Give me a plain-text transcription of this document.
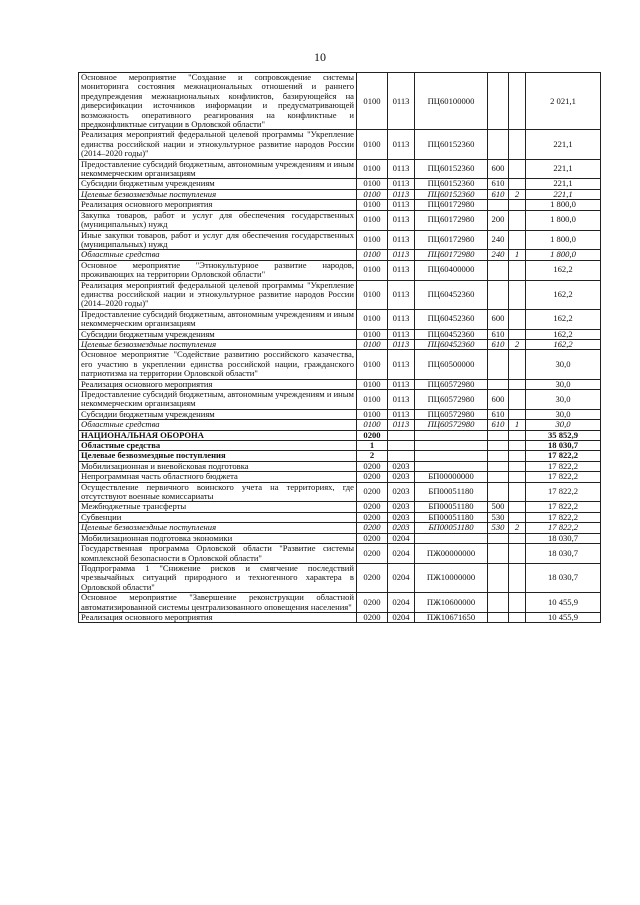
10
Основное мероприятие "Создание и сопровождение системы мониторинга состояния межнациональных отношений и раннего предупреждения межнациональных конфликтов, базирующейся на диверсификации источников информации и предусматривающей возможность оперативного реагирования на конфликтные и предконфликтные ситуации в Орловской области"	0100	0113	ПЦ60100000			2 021,1
Реализация мероприятий федеральной целевой программы "Укрепление единства российской нации и этнокультурное развитие народов России (2014–2020 годы)"	0100	0113	ПЦ60152360			221,1
Предоставление субсидий бюджетным, автономным учреждениям и иным некоммерческим организациям	0100	0113	ПЦ60152360	600		221,1
Субсидии бюджетным учреждениям	0100	0113	ПЦ60152360	610		221,1
Целевые безвозмездные поступления	0100	0113	ПЦ60152360	610	2	221,1
Реализация основного мероприятия	0100	0113	ПЦ60172980			1 800,0
Закупка товаров, работ и услуг для обеспечения государственных (муниципальных) нужд	0100	0113	ПЦ60172980	200		1 800,0
Иные закупки товаров, работ и услуг для обеспечения государственных (муниципальных) нужд	0100	0113	ПЦ60172980	240		1 800,0
Областные средства	0100	0113	ПЦ60172980	240	1	1 800,0
Основное мероприятие "Этнокультурное развитие народов, проживающих на территории Орловской области"	0100	0113	ПЦ60400000			162,2
Реализация мероприятий федеральной целевой программы "Укрепление единства российской нации и этнокультурное развитие народов России (2014–2020 годы)"	0100	0113	ПЦ60452360			162,2
Предоставление субсидий бюджетным, автономным учреждениям и иным некоммерческим организациям	0100	0113	ПЦ60452360	600		162,2
Субсидии бюджетным учреждениям	0100	0113	ПЦ60452360	610		162,2
Целевые безвозмездные поступления	0100	0113	ПЦ60452360	610	2	162,2
Основное мероприятие "Содействие развитию российского казачества, его участию в укреплении единства российской нации, гражданского патриотизма на территории Орловской области"	0100	0113	ПЦ60500000			30,0
Реализация основного мероприятия	0100	0113	ПЦ60572980			30,0
Предоставление субсидий бюджетным, автономным учреждениям и иным некоммерческим организациям	0100	0113	ПЦ60572980	600		30,0
Субсидии бюджетным учреждениям	0100	0113	ПЦ60572980	610		30,0
Областные средства	0100	0113	ПЦ60572980	610	1	30,0
НАЦИОНАЛЬНАЯ ОБОРОНА	0200					35 852,9
Областные средства	1					18 030,7
Целевые безвозмездные поступления	2					17 822,2
Мобилизационная и вневойсковая подготовка	0200	0203				17 822,2
Непрограммная часть областного бюджета	0200	0203	БП00000000			17 822,2
Осуществление первичного воинского учета на территориях, где отсутствуют военные комиссариаты	0200	0203	БП00051180			17 822,2
Межбюджетные трансферты	0200	0203	БП00051180	500		17 822,2
Субвенции	0200	0203	БП00051180	530		17 822,2
Целевые безвозмездные поступления	0200	0203	БП00051180	530	2	17 822,2
Мобилизационная подготовка экономики	0200	0204				18 030,7
Государственная программа Орловской области "Развитие системы комплексной безопасности в Орловской области"	0200	0204	ПЖ00000000			18 030,7
Подпрограмма 1 "Снижение рисков и смягчение последствий чрезвычайных ситуаций природного и техногенного характера в Орловской области"	0200	0204	ПЖ10000000			18 030,7
Основное мероприятие "Завершение реконструкции областной автоматизированной системы централизованного оповещения населения"	0200	0204	ПЖ10600000			10 455,9
Реализация основного мероприятия	0200	0204	ПЖ10671650			10 455,9
